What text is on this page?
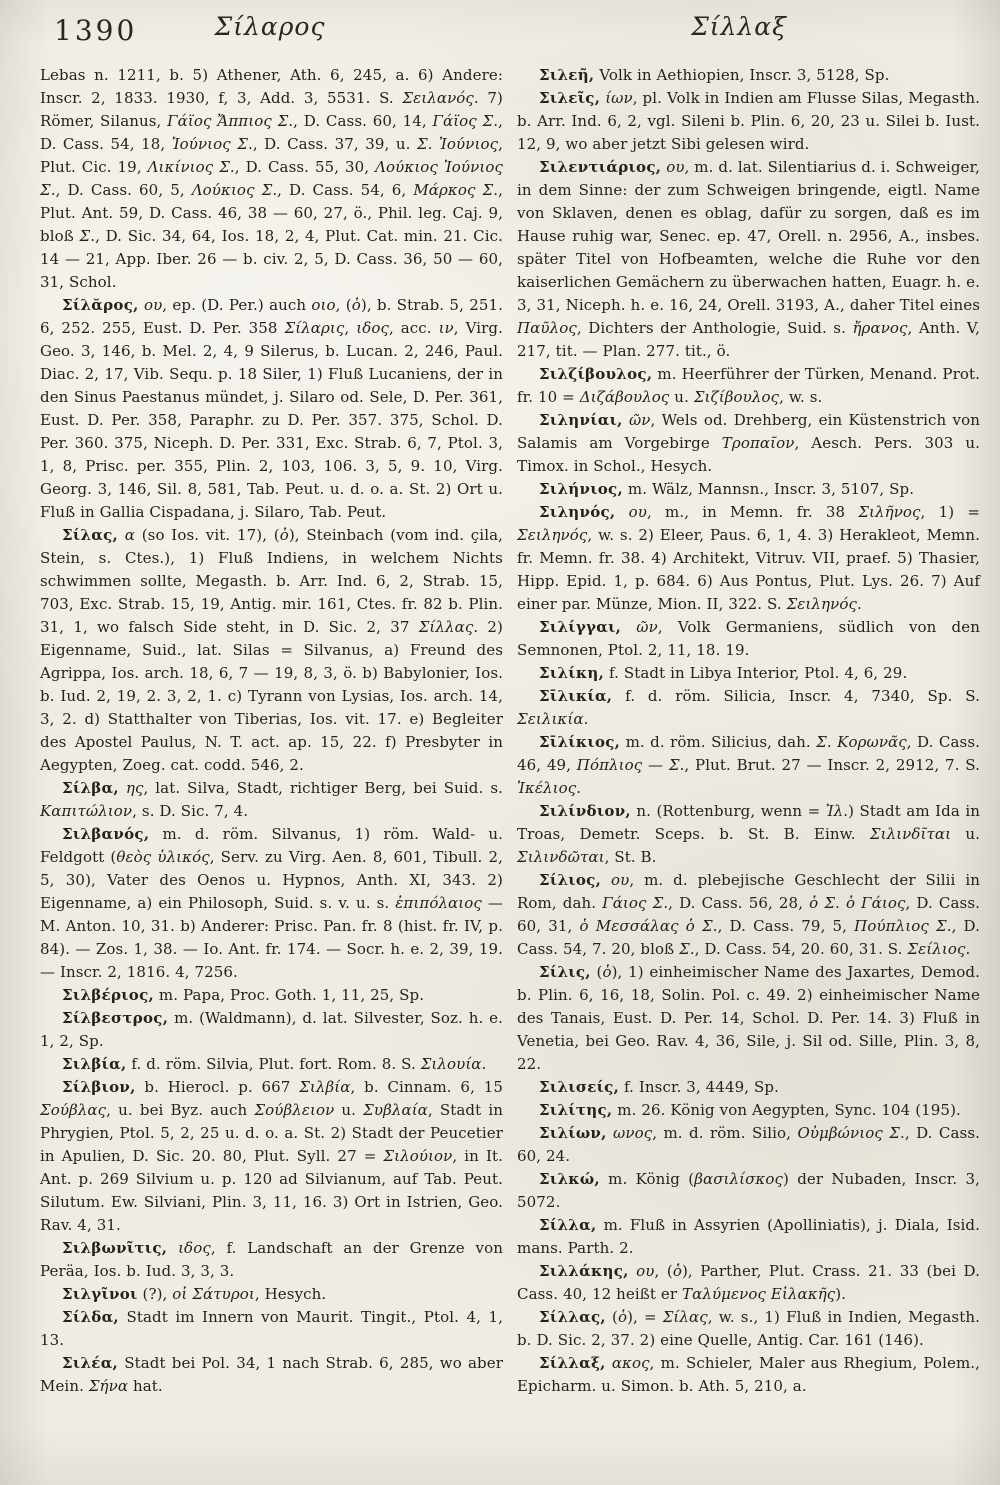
1390	Σίλαρος	Σίλλαξ

Lebas n. 1211, b. 5) Athener, Ath. 6, 245, a. 6) Andere: Inscr. 2, 1833. 1930, f, 3, Add. 3, 5531. S. Σειλανός. 7) Römer, Silanus, Γάϊος Ἄππιος Σ., D. Cass. 60, 14, Γάϊος Σ., D. Cass. 54, 18, Ἰούνιος Σ., D. Cass. 37, 39, u. Σ. Ἰούνιος, Plut. Cic. 19, Λικίνιος Σ., D. Cass. 55, 30, Λούκιος Ἰούνιος Σ., D. Cass. 60, 5, Λούκιος Σ., D. Cass. 54, 6, Μάρκος Σ., Plut. Ant. 59, D. Cass. 46, 38 — 60, 27, ö., Phil. leg. Caj. 9, bloß Σ., D. Sic. 34, 64, Ios. 18, 2, 4, Plut. Cat. min. 21. Cic. 14 — 21, App. Iber. 26 — b. civ. 2, 5, D. Cass. 36, 50 — 60, 31, Schol.

Σίλᾰρος, ου, ep. (D. Per.) auch οιο, (ὁ), b. Strab. 5, 251. 6, 252. 255, Eust. D. Per. 358 Σίλαρις, ιδος, acc. ιν, Virg. Geo. 3, 146, b. Mel. 2, 4, 9 Silerus, b. Lucan. 2, 246, Paul. Diac. 2, 17, Vib. Sequ. p. 18 Siler, 1) Fluß Lucaniens, der in den Sinus Paestanus mündet, j. Silaro od. Sele, D. Per. 361, Eust. D. Per. 358, Paraphr. zu D. Per. 357. 375, Schol. D. Per. 360. 375, Niceph. D. Per. 331, Exc. Strab. 6, 7, Ptol. 3, 1, 8, Prisc. per. 355, Plin. 2, 103, 106. 3, 5, 9. 10, Virg. Georg. 3, 146, Sil. 8, 581, Tab. Peut. u. d. o. a. St. 2) Ort u. Fluß in Gallia Cispadana, j. Silaro, Tab. Peut.

Σίλας, α (so Ios. vit. 17), (ὁ), Steinbach (vom ind. çila, Stein, s. Ctes.), 1) Fluß Indiens, in welchem Nichts schwimmen sollte, Megasth. b. Arr. Ind. 6, 2, Strab. 15, 703, Exc. Strab. 15, 19, Antig. mir. 161, Ctes. fr. 82 b. Plin. 31, 1, wo falsch Side steht, in D. Sic. 2, 37 Σίλλας. 2) Eigenname, Suid., lat. Silas = Silvanus, a) Freund des Agrippa, Ios. arch. 18, 6, 7 — 19, 8, 3, ö. b) Babylonier, Ios. b. Iud. 2, 19, 2. 3, 2, 1. c) Tyrann von Lysias, Ios. arch. 14, 3, 2. d) Statthalter von Tiberias, Ios. vit. 17. e) Begleiter des Apostel Paulus, N. T. act. ap. 15, 22. f) Presbyter in Aegypten, Zoeg. cat. codd. 546, 2.

Σίλβα, ης, lat. Silva, Stadt, richtiger Berg, bei Suid. s. Καπιτώλιον, s. D. Sic. 7, 4.

Σιλβανός, m. d. röm. Silvanus, 1) röm. Wald- u. Feldgott (θεὸς ὑλικός, Serv. zu Virg. Aen. 8, 601, Tibull. 2, 5, 30), Vater des Oenos u. Hypnos, Anth. XI, 343. 2) Eigenname, a) ein Philosoph, Suid. s. v. u. s. ἐπιπόλαιος — M. Anton. 10, 31. b) Anderer: Prisc. Pan. fr. 8 (hist. fr. IV, p. 84). — Zos. 1, 38. — Io. Ant. fr. 174. — Socr. h. e. 2, 39, 19. — Inscr. 2, 1816. 4, 7256.

Σιλβέριος, m. Papa, Proc. Goth. 1, 11, 25, Sp.

Σίλβεστρος, m. (Waldmann), d. lat. Silvester, Soz. h. e. 1, 2, Sp.

Σιλβία, f. d. röm. Silvia, Plut. fort. Rom. 8. S. Σιλουία.

Σίλβιον, b. Hierocl. p. 667 Σιλβία, b. Cinnam. 6, 15 Σούβλας, u. bei Byz. auch Σούβλειον u. Συβλαία, Stadt in Phrygien, Ptol. 5, 2, 25 u. d. o. a. St. 2) Stadt der Peucetier in Apulien, D. Sic. 20. 80, Plut. Syll. 27 = Σιλούιον, in It. Ant. p. 269 Silvium u. p. 120 ad Silvianum, auf Tab. Peut. Silutum. Ew. Silviani, Plin. 3, 11, 16. 3) Ort in Istrien, Geo. Rav. 4, 31.

Σιλβωνῖτις, ιδος, f. Landschaft an der Grenze von Peräa, Ios. b. Iud. 3, 3, 3.

Σιλγῖνοι (?), οἱ Σάτυροι, Hesych.

Σίλδα, Stadt im Innern von Maurit. Tingit., Ptol. 4, 1, 13.

Σιλέα, Stadt bei Pol. 34, 1 nach Strab. 6, 285, wo aber Mein. Σήνα hat.

Σιλεῆ, Volk in Aethiopien, Inscr. 3, 5128, Sp.

Σιλεῖς, ίων, pl. Volk in Indien am Flusse Silas, Megasth. b. Arr. Ind. 6, 2, vgl. Sileni b. Plin. 6, 20, 23 u. Silei b. Iust. 12, 9, wo aber jetzt Sibi gelesen wird.

Σιλεντιάριος, ου, m. d. lat. Silentiarius d. i. Schweiger, in dem Sinne: der zum Schweigen bringende, eigtl. Name von Sklaven, denen es oblag, dafür zu sorgen, daß es im Hause ruhig war, Senec. ep. 47, Orell. n. 2956, A., insbes. später Titel von Hofbeamten, welche die Ruhe vor den kaiserlichen Gemächern zu überwachen hatten, Euagr. h. e. 3, 31, Niceph. h. e. 16, 24, Orell. 3193, A., daher Titel eines Παῦλος, Dichters der Anthologie, Suid. s. ἤρανος, Anth. V, 217, tit. — Plan. 277. tit., ö.

Σιλζίβουλος, m. Heerführer der Türken, Menand. Prot. fr. 10 = Διζάβουλος u. Σιζίβουλος, w. s.

Σιληνίαι, ῶν, Wels od. Drehberg, ein Küstenstrich von Salamis am Vorgebirge Τροπαῖον, Aesch. Pers. 303 u. Timox. in Schol., Hesych.

Σιλήνιος, m. Wälz, Mannsn., Inscr. 3, 5107, Sp.

Σιληνός, ου, m., in Memn. fr. 38 Σιλῆνος, 1) = Σειληνός, w. s. 2) Eleer, Paus. 6, 1, 4. 3) Herakleot, Memn. fr. Memn. fr. 38. 4) Architekt, Vitruv. VII, praef. 5) Thasier, Hipp. Epid. 1, p. 684. 6) Aus Pontus, Plut. Lys. 26. 7) Auf einer par. Münze, Mion. II, 322. S. Σειληνός.

Σιλίγγαι, ῶν, Volk Germaniens, südlich von den Semnonen, Ptol. 2, 11, 18. 19.

Σιλίκη, f. Stadt in Libya Interior, Ptol. 4, 6, 29.

Σῑλικία, f. d. röm. Silicia, Inscr. 4, 7340, Sp. S. Σειλικία.

Σῑλίκιος, m. d. röm. Silicius, dah. Σ. Κορωνᾶς, D. Cass. 46, 49, Πόπλιος — Σ., Plut. Brut. 27 — Inscr. 2, 2912, 7. S. Ἰκέλιος.

Σιλίνδιον, n. (Rottenburg, wenn = Ἰλ.) Stadt am Ida in Troas, Demetr. Sceps. b. St. B. Einw. Σιλινδῖται u. Σιλινδῶται, St. B.

Σίλιος, ου, m. d. plebejische Geschlecht der Silii in Rom, dah. Γάιος Σ., D. Cass. 56, 28, ὁ Σ. ὁ Γάιος, D. Cass. 60, 31, ὁ Μεσσάλας ὁ Σ., D. Cass. 79, 5, Πούπλιος Σ., D. Cass. 54, 7. 20, bloß Σ., D. Cass. 54, 20. 60, 31. S. Σείλιος.

Σίλις, (ὁ), 1) einheimischer Name des Jaxartes, Demod. b. Plin. 6, 16, 18, Solin. Pol. c. 49. 2) einheimischer Name des Tanais, Eust. D. Per. 14, Schol. D. Per. 14. 3) Fluß in Venetia, bei Geo. Rav. 4, 36, Sile, j. Sil od. Sille, Plin. 3, 8, 22.

Σιλισείς, f. Inscr. 3, 4449, Sp.

Σιλίτης, m. 26. König von Aegypten, Sync. 104 (195).

Σιλίων, ωνος, m. d. röm. Silio, Οὐμβώνιος Σ., D. Cass. 60, 24.

Σιλκώ, m. König (βασιλίσκος) der Nubaden, Inscr. 3, 5072.

Σίλλα, m. Fluß in Assyrien (Apolliniatis), j. Diala, Isid. mans. Parth. 2.

Σιλλάκης, ου, (ὁ), Parther, Plut. Crass. 21. 33 (bei D. Cass. 40, 12 heißt er Ταλύμενος Εἰλακῆς).

Σίλλας, (ὁ), = Σίλας, w. s., 1) Fluß in Indien, Megasth. b. D. Sic. 2, 37. 2) eine Quelle, Antig. Car. 161 (146).

Σίλλαξ, ακος, m. Schieler, Maler aus Rhegium, Polem., Epicharm. u. Simon. b. Ath. 5, 210, a.
